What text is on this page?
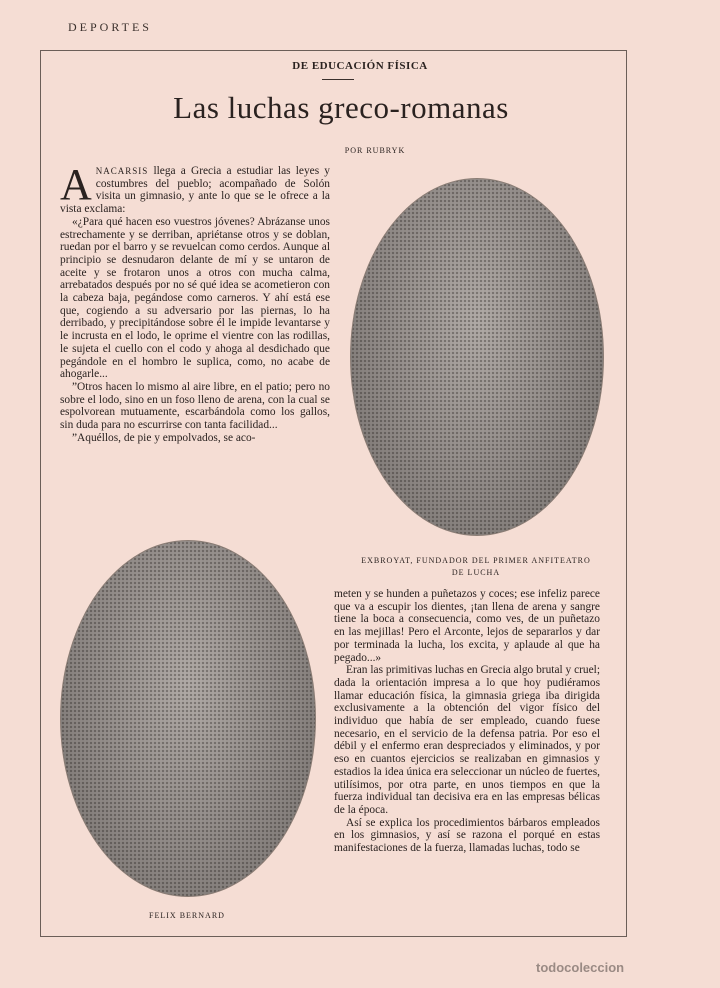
DEPORTES
DE EDUCACIÓN FÍSICA
Las luchas greco-romanas
POR RUBRYK

ANACARSIS llega a Grecia a estudiar las leyes y costumbres del pueblo; acompañado de Solón visita un gimnasio, y ante lo que se le ofrece a la vista exclama:

«¿Para qué hacen eso vuestros jóvenes? Abrázanse unos estrechamente y se derriban, apriétanse otros y se doblan, ruedan por el barro y se revuelcan como cerdos. Aunque al principio se desnudaron delante de mí y se untaron de aceite y se frotaron unos a otros con mucha calma, arrebatados después por no sé qué idea se acometieron con la cabeza baja, pegándose como carneros. Y ahí está ese que, cogiendo a su adversario por las piernas, lo ha derribado, y precipitándose sobre él le impide levantarse y le incrusta en el lodo, le oprime el vientre con las rodillas, le sujeta el cuello con el codo y ahoga al desdichado que pegándole en el hombro le suplica, como, no acabe de ahogarle...

”Otros hacen lo mismo al aire libre, en el patio; pero no sobre el lodo, sino en un foso lleno de arena, con la cual se espolvorean mutuamente, escarbándola como los gallos, sin duda para no escurrirse con tanta facilidad...

”Aquéllos, de pie y empolvados, se aco-

EXBROYAT, FUNDADOR DEL PRIMER ANFITEATRO
DE LUCHA
FELIX BERNARD

meten y se hunden a puñetazos y coces; ese infeliz parece que va a escupir los dientes, ¡tan llena de arena y sangre tiene la boca a consecuencia, como ves, de un puñetazo en las mejillas! Pero el Arconte, lejos de separarlos y dar por terminada la lucha, los excita, y aplaude al que ha pegado...»

Eran las primitivas luchas en Grecia algo brutal y cruel; dada la orientación impresa a lo que hoy pudiéramos llamar educación física, la gimnasia griega iba dirigida exclusivamente a la obtención del vigor físico del individuo que había de ser empleado, cuando fuese necesario, en el servicio de la defensa patria. Por eso el débil y el enfermo eran despreciados y eliminados, y por eso en cuantos ejercicios se realizaban en gimnasios y estadios la idea única era seleccionar un núcleo de fuertes, utilísimos, por otra parte, en unos tiempos en que la fuerza individual tan decisiva era en las empresas bélicas de la época.

Así se explica los procedimientos bárbaros empleados en los gimnasios, y así se razona el porqué en estas manifestaciones de la fuerza, llamadas luchas, todo se

todocoleccion
